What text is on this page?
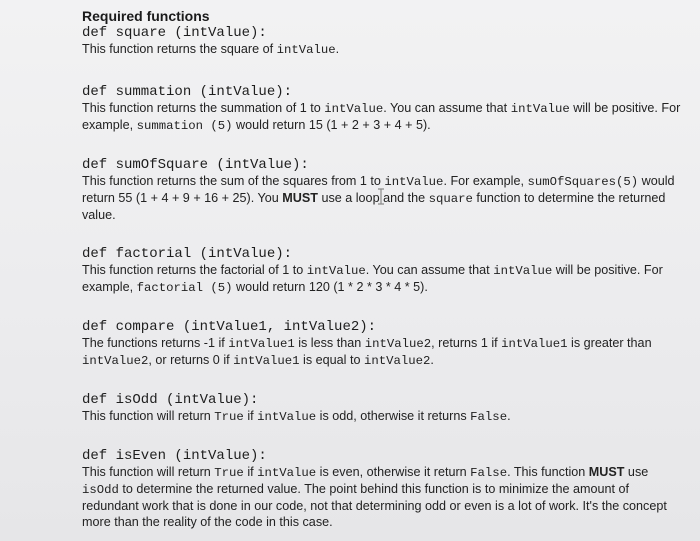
Required functions
def square (intValue):
This function returns the square of intValue.
def summation (intValue):
This function returns the summation of 1 to intValue. You can assume that intValue will be positive. For example, summation (5) would return 15 (1 + 2 + 3 + 4 + 5).
def sumOfSquare (intValue):
This function returns the sum of the squares from 1 to intValue. For example, sumOfSquares(5) would return 55 (1 + 4 + 9 + 16 + 25). You MUST use a loop and the square function to determine the returned value.
def factorial (intValue):
This function returns the factorial of 1 to intValue. You can assume that intValue will be positive. For example, factorial (5) would return 120 (1 * 2 * 3 * 4 * 5).
def compare (intValue1, intValue2):
The functions returns -1 if intValue1 is less than intValue2, returns 1 if intValue1 is greater than intValue2, or returns 0 if intValue1 is equal to intValue2.
def isOdd (intValue):
This function will return True if intValue is odd, otherwise it returns False.
def isEven (intValue):
This function will return True if intValue is even, otherwise it return False. This function MUST use isOdd to determine the returned value. The point behind this function is to minimize the amount of redundant work that is done in our code, not that determining odd or even is a lot of work. It's the concept more than the reality of the code in this case.
